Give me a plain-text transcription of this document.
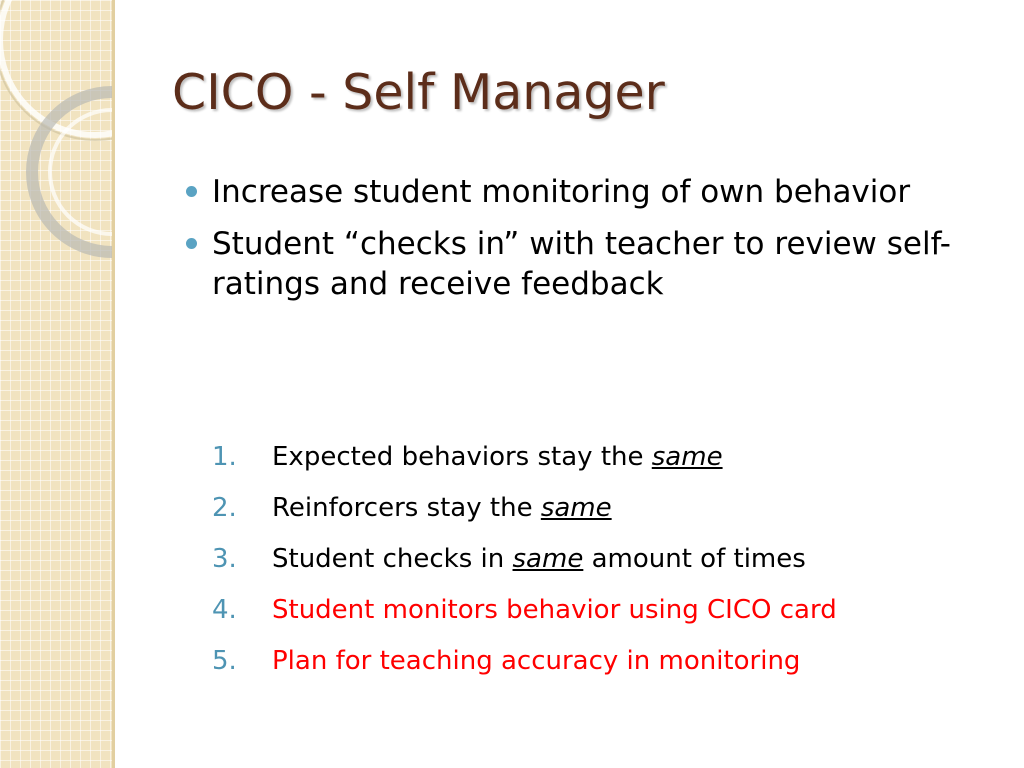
CICO - Self Manager
Increase student monitoring of own behavior
Student “checks in” with teacher to review self-ratings and receive feedback
1. Expected behaviors stay the same
2. Reinforcers stay the same
3. Student checks in same amount of times
4. Student monitors behavior using CICO card
5. Plan for teaching accuracy in monitoring
